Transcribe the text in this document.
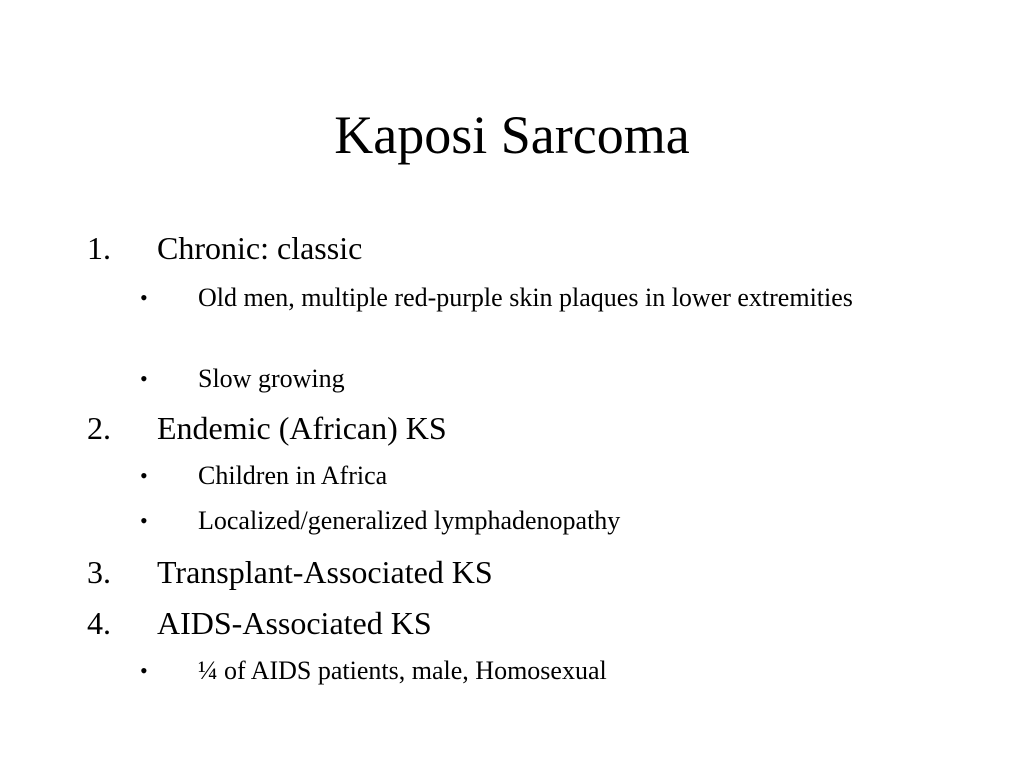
Kaposi Sarcoma
1. Chronic: classic
• Old men, multiple red-purple skin plaques in lower extremities
• Slow growing
2. Endemic (African) KS
• Children in Africa
• Localized/generalized lymphadenopathy
3. Transplant-Associated KS
4. AIDS-Associated KS
• ¼ of AIDS patients, male, Homosexual
